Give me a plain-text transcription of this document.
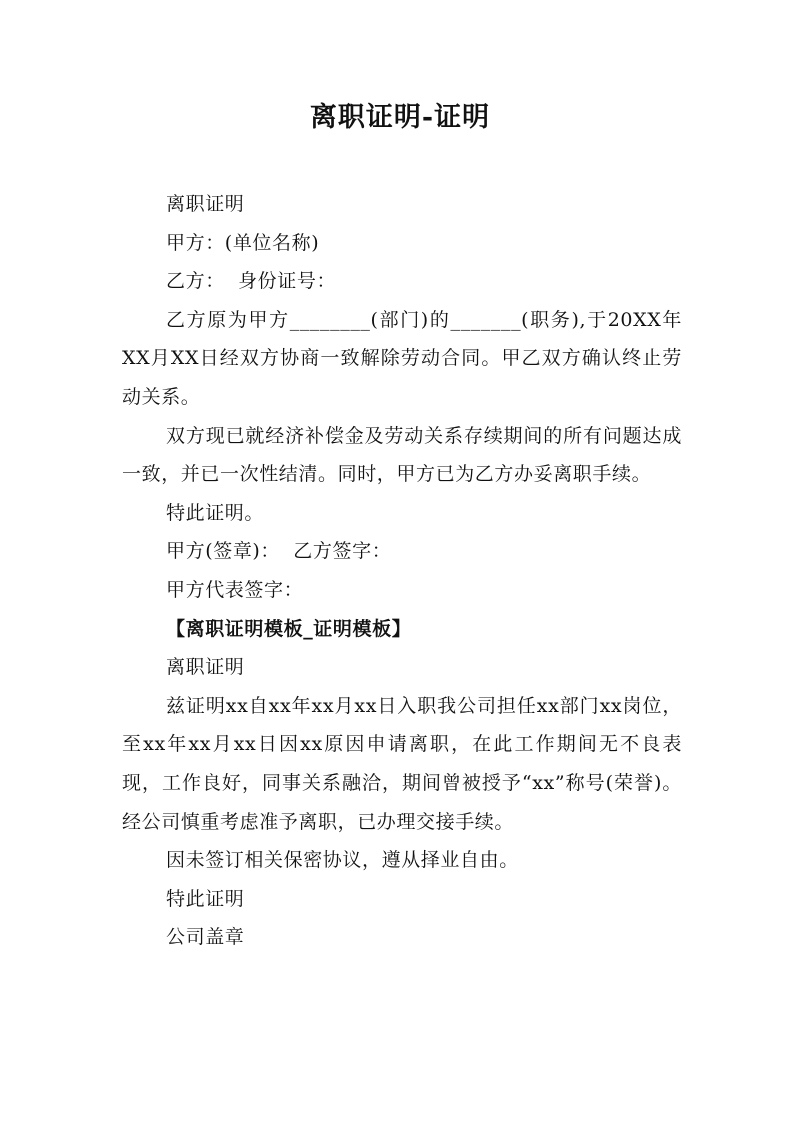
离职证明-证明

离职证明

甲方：(单位名称)

乙方：  身份证号：

乙方原为甲方________(部门)的_______(职务),于20XX年XX月XX日经双方协商一致解除劳动合同。甲乙双方确认终止劳动关系。

双方现已就经济补偿金及劳动关系存续期间的所有问题达成一致，并已一次性结清。同时，甲方已为乙方办妥离职手续。

特此证明。

甲方(签章)：  乙方签字：

甲方代表签字：

【离职证明模板_证明模板】

离职证明

兹证明xx自xx年xx月xx日入职我公司担任xx部门xx岗位，至xx年xx月xx日因xx原因申请离职，在此工作期间无不良表现，工作良好，同事关系融洽，期间曾被授予“xx”称号(荣誉)。经公司慎重考虑准予离职，已办理交接手续。

因未签订相关保密协议，遵从择业自由。

特此证明

公司盖章
